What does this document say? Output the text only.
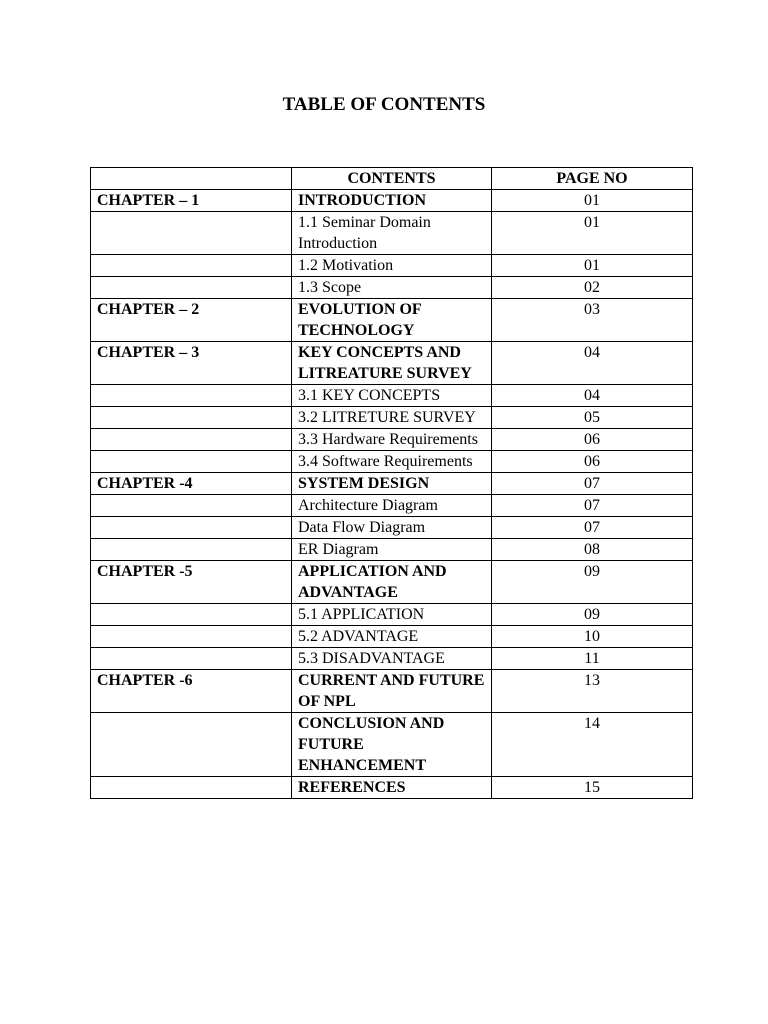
TABLE OF CONTENTS
	CONTENTS	PAGE NO
CHAPTER – 1	INTRODUCTION	01
	1.1 Seminar Domain Introduction	01
	1.2 Motivation	01
	1.3 Scope	02
CHAPTER – 2	EVOLUTION OF TECHNOLOGY	03
CHAPTER – 3	KEY CONCEPTS AND LITREATURE SURVEY	04
	3.1 KEY CONCEPTS	04
	3.2 LITRETURE SURVEY	05
	3.3 Hardware Requirements	06
	3.4 Software Requirements	06
CHAPTER -4	SYSTEM DESIGN	07
	Architecture Diagram	07
	Data Flow Diagram	07
	ER Diagram	08
CHAPTER -5	APPLICATION AND ADVANTAGE	09
	5.1 APPLICATION	09
	5.2 ADVANTAGE	10
	5.3 DISADVANTAGE	11
CHAPTER -6	CURRENT AND FUTURE OF NPL	13
	CONCLUSION AND FUTURE ENHANCEMENT	14
	REFERENCES	15
